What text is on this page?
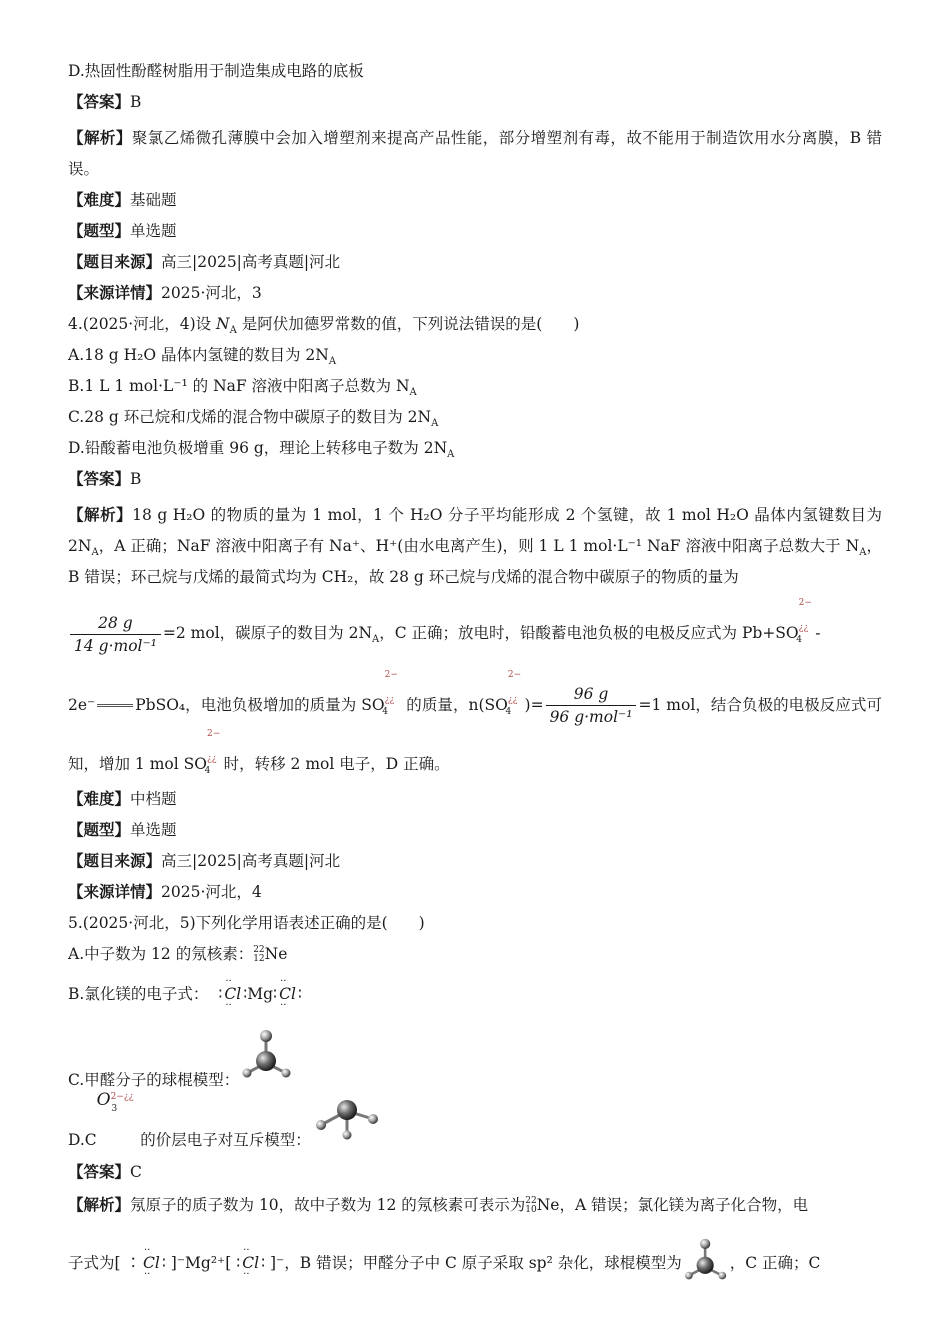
D.热固性酚醛树脂用于制造集成电路的底板
【答案】B
【解析】聚氯乙烯微孔薄膜中会加入增塑剂来提高产品性能，部分增塑剂有毒，故不能用于制造饮用水分离膜，B 错误。
【难度】基础题
【题型】单选题
【题目来源】高三|2025|高考真题|河北
【来源详情】2025·河北，3
4.(2025·河北，4)设 $N_A$ 是阿伏加德罗常数的值，下列说法错误的是(　　)
A.18 g H₂O 晶体内氢键的数目为 $2N_A$
B.1 L 1 mol·L⁻¹ 的 NaF 溶液中阳离子总数为 $N_A$
C.28 g 环己烷和戊烯的混合物中碳原子的数目为 $2N_A$
D.铅酸蓄电池负极增重 96 g，理论上转移电子数为 $2N_A$
【答案】B
【解析】18 g H₂O 的物质的量为 1 mol，1 个 H₂O 分子平均能形成 2 个氢键，故 1 mol H₂O 晶体内氢键数目为 $2N_A$，A 正确；NaF 溶液中阳离子有 Na⁺、H⁺(由水电离产生)，则 1 L 1 mol·L⁻¹ NaF 溶液中阳离子总数大于 $N_A$，B 错误；环己烷与戊烯的最简式均为 CH₂，故 28 g 环己烷与戊烯的混合物中碳原子的物质的量为
$\frac{28 g}{\text{14 g·mol⁻¹}} =2$ mol，碳原子的数目为 $2N_A$，C 正确；放电时，铅酸蓄电池负极的电极反应式为 $Pb+SO^{2-¿¿}_4$ -
2e⁻	PbSO₄，电池负极增加的质量为 $SO^{2-¿¿}_4$ 的质量，$n(SO^{2-¿¿}_4$ )= $\frac{96 g}{\text{96 g·mol⁻¹}} =1$ mol，结合负极的电极反应式可知，增加 1 mol $SO^{2-¿¿}_4$ 时，转移 2 mol 电子，D 正确。
【难度】中档题
【题型】单选题
【题目来源】高三|2025|高考真题|河北
【来源详情】2025·河北，4
5.(2025·河北，5)下列化学用语表述正确的是(　　)
A.中子数为 12 的氖核素： 22
12 Ne
B.氯化镁的电子式： ∶ ·· Cl ·· ∶Mg∶ ·· Cl ·· ∶
C.甲醛分子的球棍模型：
$D.CO^{2-¿¿}3$ 的价层电子对互斥模型：
【答案】C
【解析】氖原子的质子数为 10，故中子数为 12 的氖核素可表示为 22
10 Ne，A 错误；氯化镁为离子化合物，电
子式为[ ∶ ·· Cl ·· ∶ ]⁻Mg²⁺[ ∶ ·· Cl ·· ∶ ]⁻，B 错误；甲醛分子中 C 原子采取 sp² 杂化，球棍模型为	，C 正确；C
